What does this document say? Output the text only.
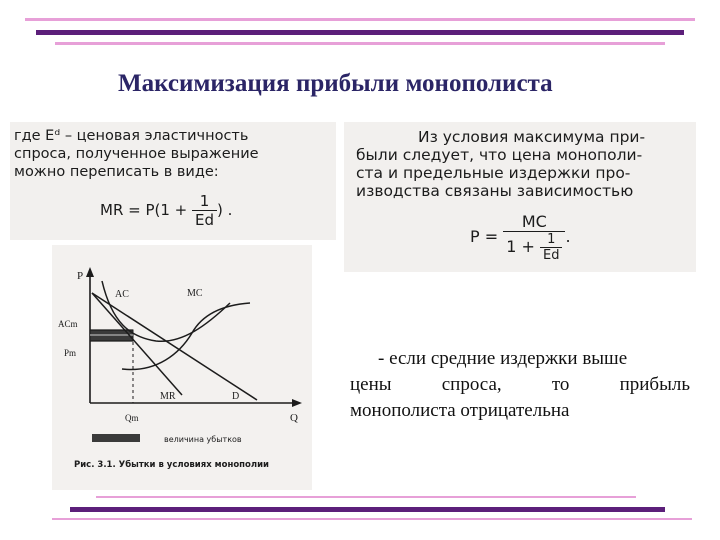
Максимизация прибыли монополиста
где Eᵈ – ценовая эластичность
спроса, полученное выражение
можно переписать в виде:
MR = $P(1 + \frac{1}{Ed}$ ) .
Из условия максимума при-
были следует, что цена монополи-
ста и предельные издержки про-
изводства связаны зависимостью
$P = \frac{MC}{1 + \frac{1}{Ed}}$ .
P
Q
AC	MC
MR	D
ACm
Pm
Qm
величина убытков
Рис. 3.1. Убытки в условиях монополии
- если средние издержки выше
цены	спроса,	то	прибыль
монополиста отрицательна
